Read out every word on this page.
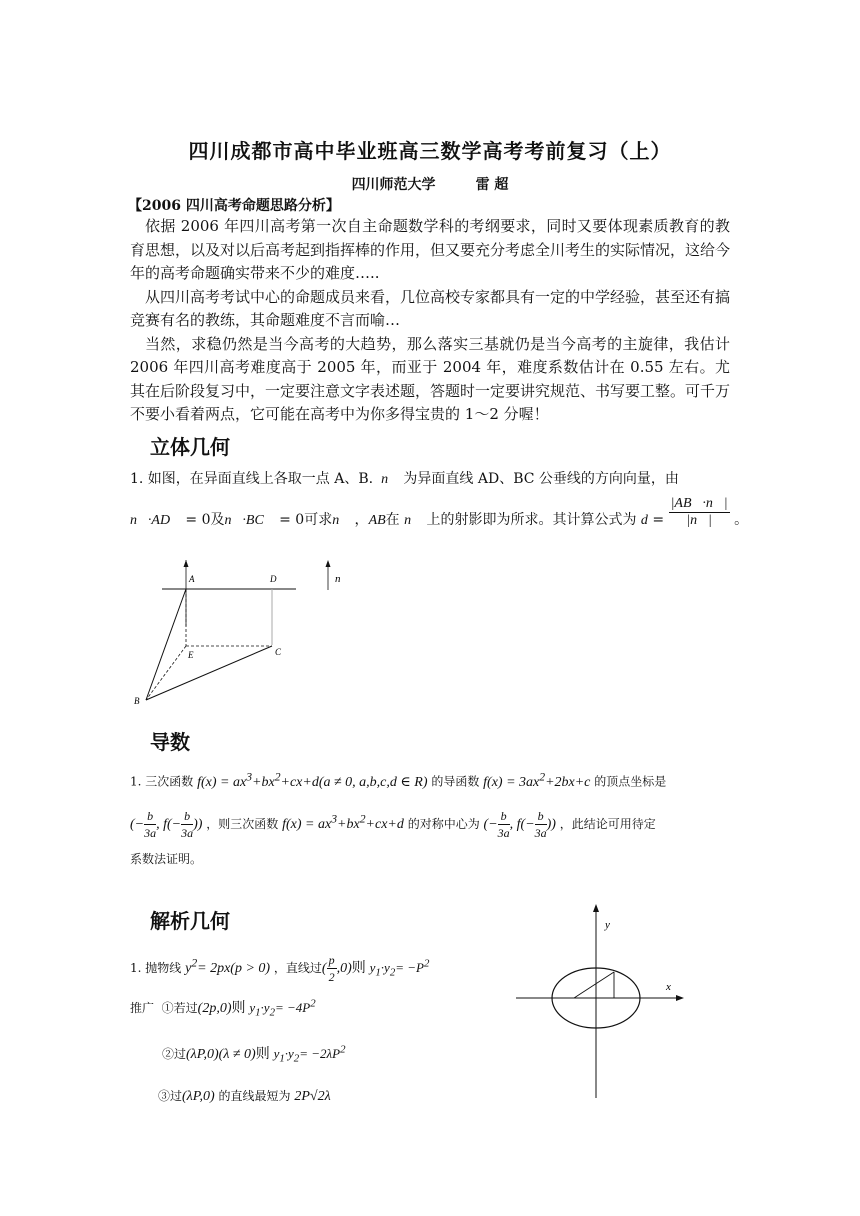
四川成都市高中毕业班高三数学高考考前复习（上）
四川师范大学	雷 超
【2006 四川高考命题思路分析】

依据 2006 年四川高考第一次自主命题数学科的考纲要求，同时又要体现素质教育的教育思想，以及对以后高考起到指挥棒的作用，但又要充分考虑全川考生的实际情况，这给今年的高考命题确实带来不少的难度…..

从四川高考考试中心的命题成员来看，几位高校专家都具有一定的中学经验，甚至还有搞竞赛有名的教练，其命题难度不言而喻…

当然，求稳仍然是当今高考的大趋势，那么落实三基就仍是当今高考的主旋律，我估计 2006 年四川高考难度高于 2005 年，而亚于 2004 年，难度系数估计在 0.55 左右。尤其在后阶段复习中，一定要注意文字表述题，答题时一定要讲究规范、书写要工整。可千万不要小看着两点，它可能在高考中为你多得宝贵的 1～2 分喔！

立体几何
1. 如图，在异面直线上各取一点 A、B.  n⃗ 为异面直线 AD、BC 公垂线的方向向量，由
n⃗·AD⃗ = 0及n⃗·BC⃗ = 0可求n⃗ ，AB在 n⃗ 上的射影即为所求。其计算公式为 $d = \frac{|AB⃗\cdot n⃗|}{|n⃗|}$ 。
A	D
E	C
B
n
导数
1. 三次函数 $f(x) = ax^3+bx^2+cx+d(a \ne 0$, a,b,c,d ∈ R) 的导函数 $f(x) = 3ax^2+2bx+c$ 的顶点坐标是
(− $\frac{b}{3a}$ , $f(- \frac{b}{3a}$ )) ，则三次函数 $f(x) = ax^3+bx^2+cx+d$ 的对称中心为 (− $\frac{b}{3a}$ , $f(- \frac{b}{3a}$ )) ，此结论可用待定
系数法证明。
解析几何
1. 抛物线 $y^2= 2px(p > 0)$ ，直线过( $\frac{p}{2} ,0$)则 $y_1\cdot y_2= -P^2$
推广 ①若过(2p,0)则 $y_1\cdot y_2= -4P^2$
②过(λP,0)(λ ≠ 0)则 $y_1\cdot y_2= -2\lambda P^2$
③过(λP,0) 的直线最短为 2P√2λ
y
x
